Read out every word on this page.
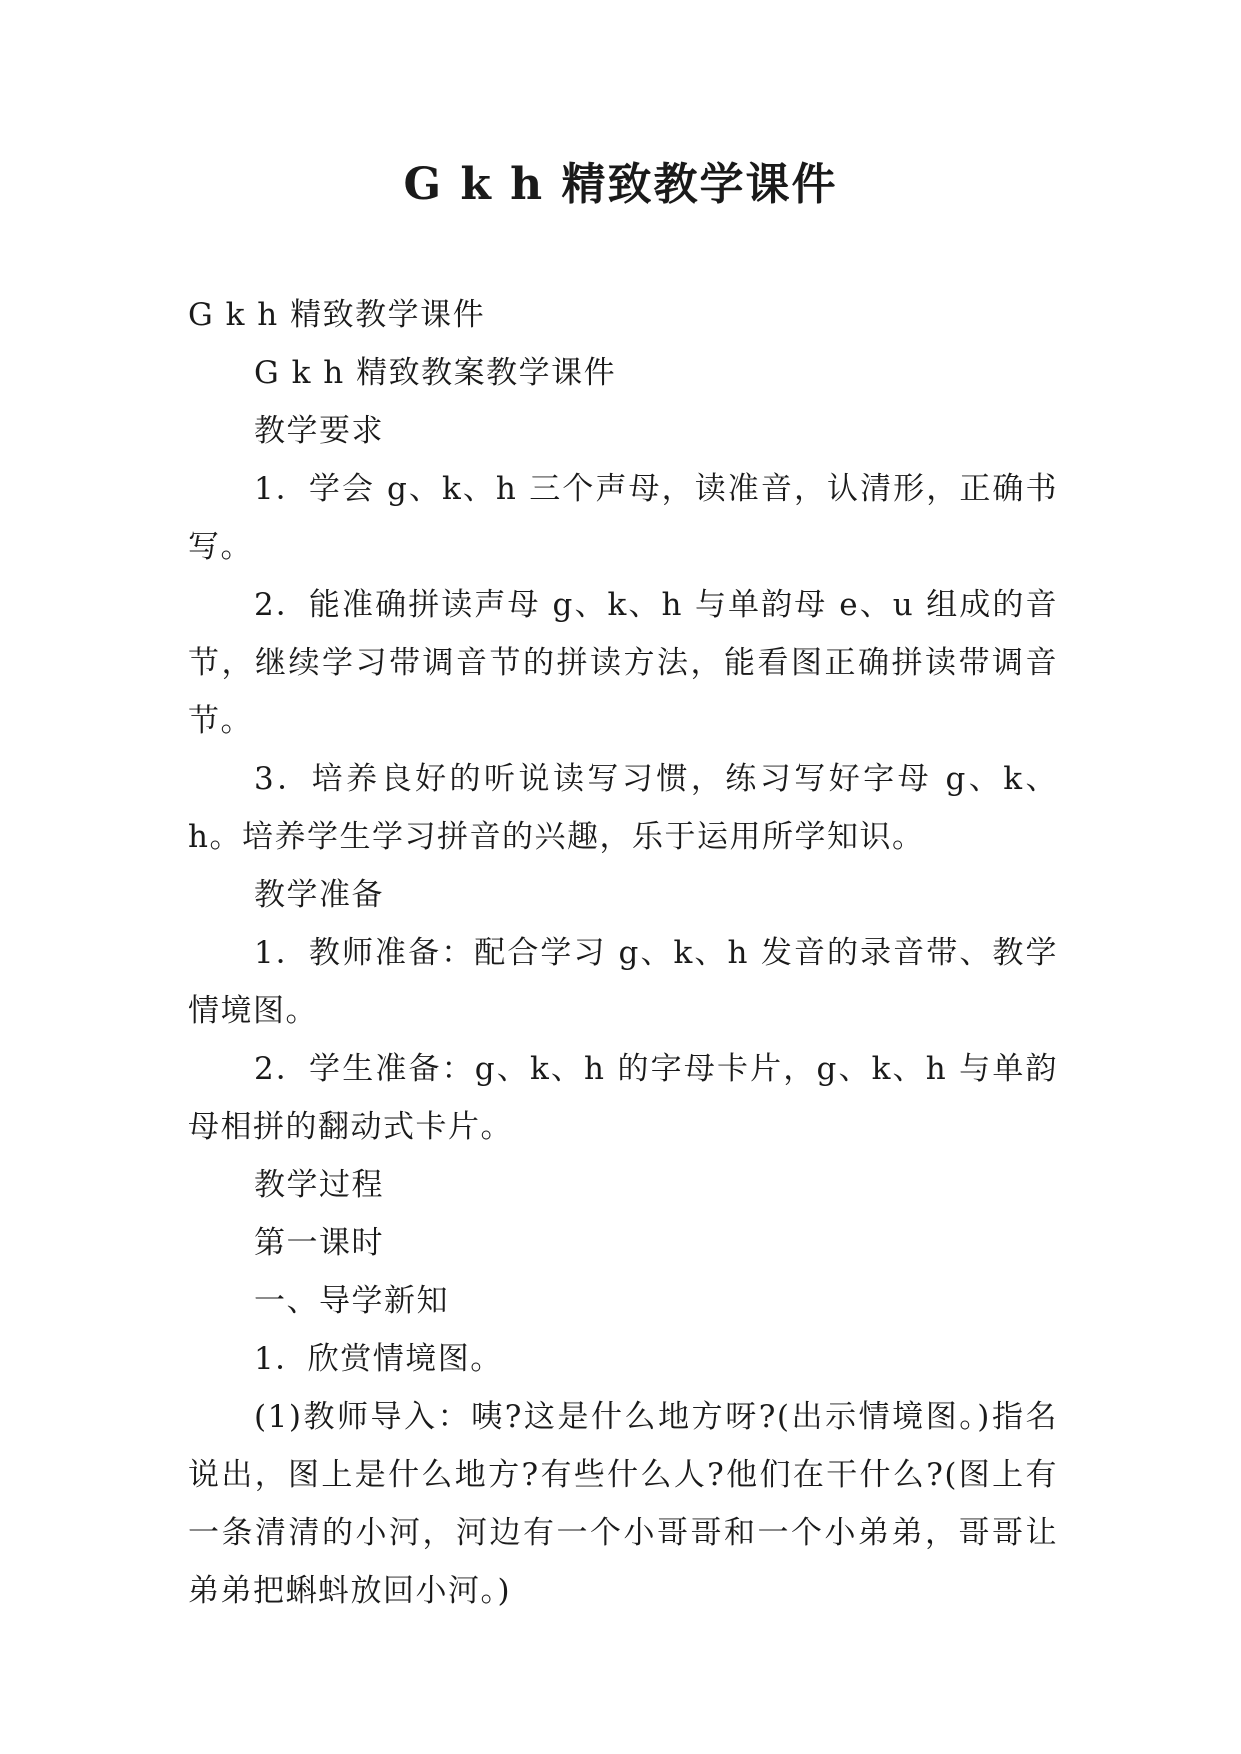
G k h 精致教学课件

G k h 精致教学课件

G k h 精致教案教学课件

教学要求

1．学会 g、k、h 三个声母，读准音，认清形，正确书写。

2．能准确拼读声母 g、k、h 与单韵母 e、u 组成的音节，继续学习带调音节的拼读方法，能看图正确拼读带调音节。

3．培养良好的听说读写习惯，练习写好字母 g、k、h。培养学生学习拼音的兴趣，乐于运用所学知识。

教学准备

1．教师准备：配合学习 g、k、h 发音的录音带、教学情境图。

2．学生准备：g、k、h 的字母卡片，g、k、h 与单韵母相拼的翻动式卡片。

教学过程

第一课时

一、导学新知

1．欣赏情境图。

(1)教师导入：咦?这是什么地方呀?(出示情境图。)指名说出，图上是什么地方?有些什么人?他们在干什么?(图上有一条清清的小河，河边有一个小哥哥和一个小弟弟，哥哥让弟弟把蝌蚪放回小河。)
